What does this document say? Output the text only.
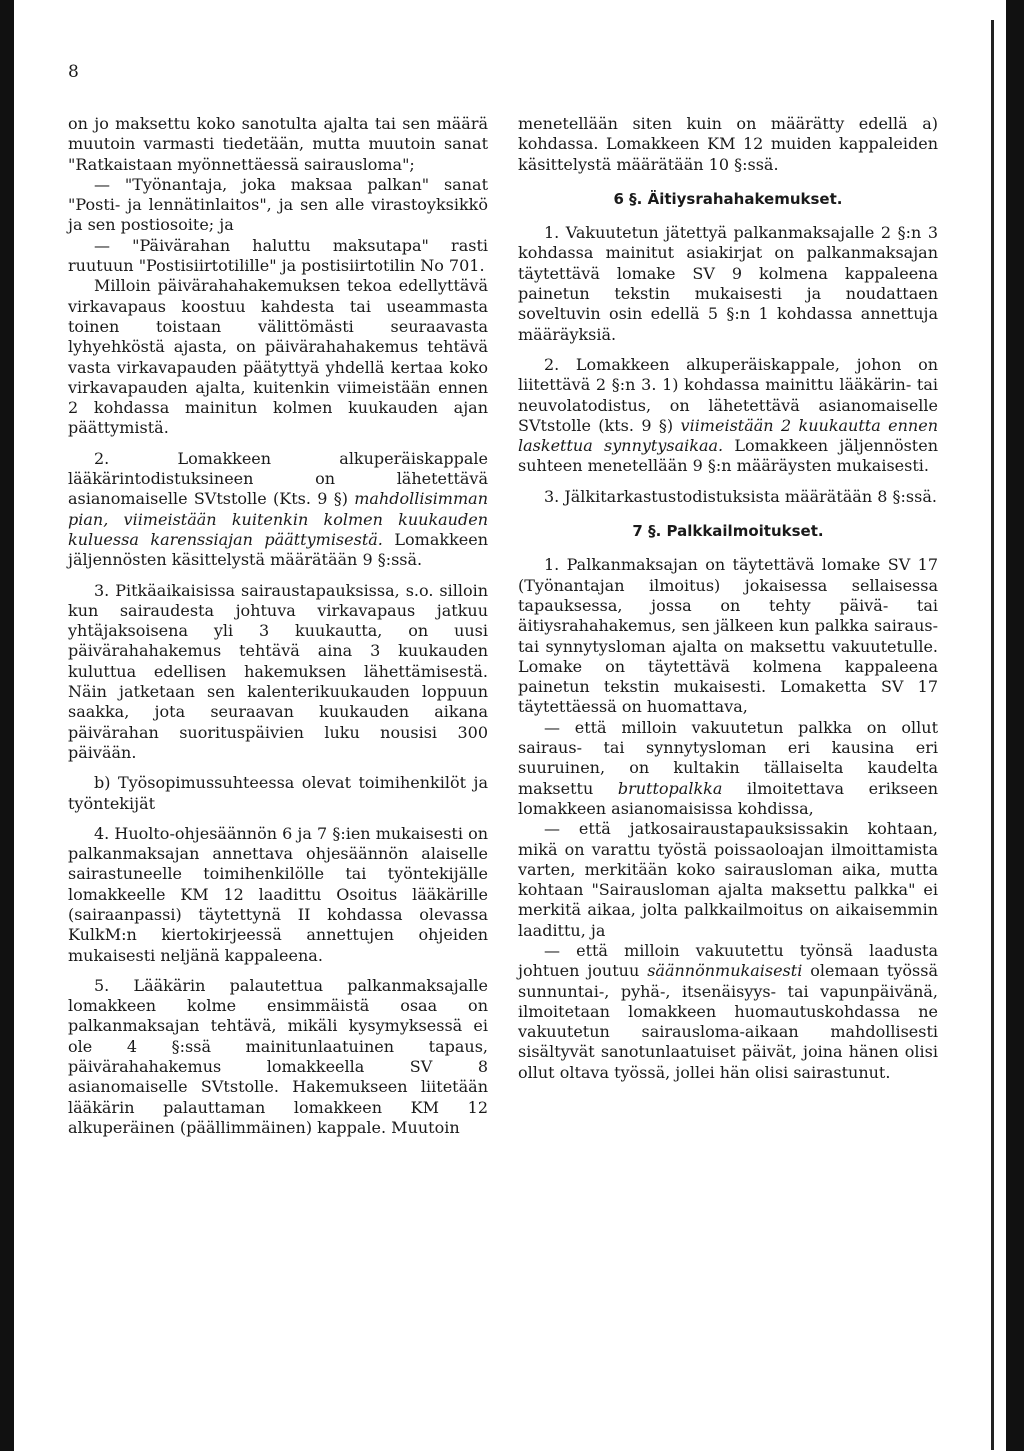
8

on jo maksettu koko sanotulta ajalta tai sen määrä muutoin varmasti tiedetään, mutta muutoin sanat "Ratkaistaan myönnettäessä sairausloma";

— "Työnantaja, joka maksaa palkan" sanat "Posti- ja lennätinlaitos", ja sen alle virastoyksikkö ja sen postiosoite; ja

— "Päivärahan haluttu maksutapa" rasti ruutuun "Postisiirtotilille" ja postisiirtotilin No 701.

Milloin päivärahahakemuksen tekoa edellyttävä virkavapaus koostuu kahdesta tai useammasta toinen toistaan välittömästi seuraavasta lyhyehköstä ajasta, on päivärahahakemus tehtävä vasta virkavapauden päätyttyä yhdellä kertaa koko virkavapauden ajalta, kuitenkin viimeistään ennen 2 kohdassa mainitun kolmen kuukauden ajan päättymistä.

2. Lomakkeen alkuperäiskappale lääkärintodistuksineen on lähetettävä asianomaiselle SVtstolle (Kts. 9 §) mahdollisimman pian, viimeistään kuitenkin kolmen kuukauden kuluessa karenssiajan päättymisestä. Lomakkeen jäljennösten käsittelystä määrätään 9 §:ssä.

3. Pitkäaikaisissa sairaustapauksissa, s.o. silloin kun sairaudesta johtuva virkavapaus jatkuu yhtäjaksoisena yli 3 kuukautta, on uusi päivärahahakemus tehtävä aina 3 kuukauden kuluttua edellisen hakemuksen lähettämisestä. Näin jatketaan sen kalenterikuukauden loppuun saakka, jota seuraavan kuukauden aikana päivärahan suorituspäivien luku nousisi 300 päivään.

b) Työsopimussuhteessa olevat toimihenkilöt ja työntekijät

4. Huolto-ohjesäännön 6 ja 7 §:ien mukaisesti on palkanmaksajan annettava ohjesäännön alaiselle sairastuneelle toimihenkilölle tai työntekijälle lomakkeelle KM 12 laadittu Osoitus lääkärille (sairaanpassi) täytettynä II kohdassa olevassa KulkM:n kiertokirjeessä annettujen ohjeiden mukaisesti neljänä kappaleena.

5. Lääkärin palautettua palkanmaksajalle lomakkeen kolme ensimmäistä osaa on palkanmaksajan tehtävä, mikäli kysymyksessä ei ole 4 §:ssä mainitunlaatuinen tapaus, päivärahahakemus lomakkeella SV 8 asianomaiselle SVtstolle. Hakemukseen liitetään lääkärin palauttaman lomakkeen KM 12 alkuperäinen (päällimmäinen) kappale. Muutoin

menetellään siten kuin on määrätty edellä a) kohdassa. Lomakkeen KM 12 muiden kappaleiden käsittelystä määrätään 10 §:ssä.

6 §. Äitiysrahahakemukset.

1. Vakuutetun jätettyä palkanmaksajalle 2 §:n 3 kohdassa mainitut asiakirjat on palkanmaksajan täytettävä lomake SV 9 kolmena kappaleena painetun tekstin mukaisesti ja noudattaen soveltuvin osin edellä 5 §:n 1 kohdassa annettuja määräyksiä.

2. Lomakkeen alkuperäiskappale, johon on liitettävä 2 §:n 3. 1) kohdassa mainittu lääkärin- tai neuvolatodistus, on lähetettävä asianomaiselle SVtstolle (kts. 9 §) viimeistään 2 kuukautta ennen laskettua synnytysaikaa. Lomakkeen jäljennösten suhteen menetellään 9 §:n määräysten mukaisesti.

3. Jälkitarkastustodistuksista määrätään 8 §:ssä.

7 §. Palkkailmoitukset.

1. Palkanmaksajan on täytettävä lomake SV 17 (Työnantajan ilmoitus) jokaisessa sellaisessa tapauksessa, jossa on tehty päivä- tai äitiysrahahakemus, sen jälkeen kun palkka sairaus- tai synnytysloman ajalta on maksettu vakuutetulle. Lomake on täytettävä kolmena kappaleena painetun tekstin mukaisesti. Lomaketta SV 17 täytettäessä on huomattava,

— että milloin vakuutetun palkka on ollut sairaus- tai synnytysloman eri kausina eri suuruinen, on kultakin tällaiselta kaudelta maksettu bruttopalkka ilmoitettava erikseen lomakkeen asianomaisissa kohdissa,

— että jatkosairaustapauksissakin kohtaan, mikä on varattu työstä poissaoloajan ilmoittamista varten, merkitään koko sairausloman aika, mutta kohtaan "Sairausloman ajalta maksettu palkka" ei merkitä aikaa, jolta palkkailmoitus on aikaisemmin laadittu, ja

— että milloin vakuutettu työnsä laadusta johtuen joutuu säännönmukaisesti olemaan työssä sunnuntai-, pyhä-, itsenäisyys- tai vapunpäivänä, ilmoitetaan lomakkeen huomautuskohdassa ne vakuutetun sairausloma-aikaan mahdollisesti sisältyvät sanotunlaatuiset päivät, joina hänen olisi ollut oltava työssä, jollei hän olisi sairastunut.
